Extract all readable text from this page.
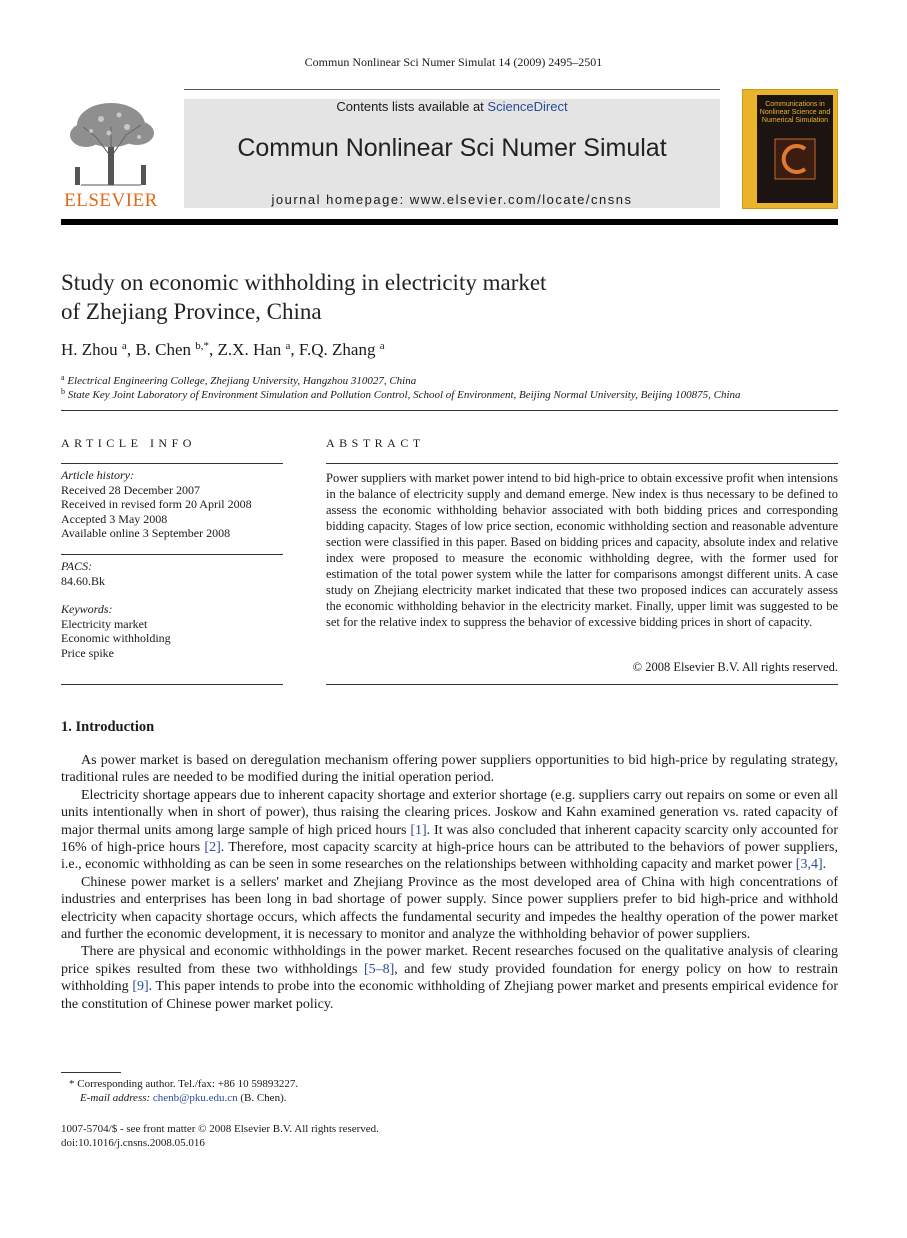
Commun Nonlinear Sci Numer Simulat 14 (2009) 2495–2501
Contents lists available at ScienceDirect
Commun Nonlinear Sci Numer Simulat
journal homepage: www.elsevier.com/locate/cnsns
ELSEVIER
Communications in Nonlinear Science and Numerical Simulation
Study on economic withholding in electricity market
of Zhejiang Province, China
H. Zhou $^a$, B. Chen $^{b,*}$, Z.X. Han $^a$, F.Q. Zhang $^a$
$^a$ Electrical Engineering College, Zhejiang University, Hangzhou 310027, China
$^b$ State Key Joint Laboratory of Environment Simulation and Pollution Control, School of Environment, Beijing Normal University, Beijing 100875, China
ARTICLE INFO
Article history:
Received 28 December 2007
Received in revised form 20 April 2008
Accepted 3 May 2008
Available online 3 September 2008
PACS:
84.60.Bk
Keywords:
Electricity market
Economic withholding
Price spike
ABSTRACT
Power suppliers with market power intend to bid high-price to obtain excessive profit when intensions in the balance of electricity supply and demand emerge. New index is thus necessary to be defined to assess the economic withholding behavior associated with both bidding prices and corresponding bidding capacity. Stages of low price section, economic withholding section and reasonable adventure section were classified in this paper. Based on bidding prices and capacity, absolute index and relative index were proposed to measure the economic withholding degree, with the former used for estimation of the total power system while the latter for comparisons amongst different units. A case study on Zhejiang electricity market indicated that these two proposed indices can accurately assess the economic withholding behavior in the electricity market. Finally, upper limit was suggested to be set for the relative index to suppress the behavior of excessive bidding prices in short of capacity.
© 2008 Elsevier B.V. All rights reserved.
1. Introduction

As power market is based on deregulation mechanism offering power suppliers opportunities to bid high-price by regulating strategy, traditional rules are needed to be modified during the initial operation period.

Electricity shortage appears due to inherent capacity shortage and exterior shortage (e.g. suppliers carry out repairs on some or even all units intentionally when in short of power), thus raising the clearing prices. Joskow and Kahn examined generation vs. rated capacity of major thermal units among large sample of high priced hours [1]. It was also concluded that inherent capacity scarcity only accounted for 16% of high-price hours [2]. Therefore, most capacity scarcity at high-price hours can be attributed to the behaviors of power suppliers, i.e., economic withholding as can be seen in some researches on the relationships between withholding capacity and market power [3,4].

Chinese power market is a sellers' market and Zhejiang Province as the most developed area of China with high concentrations of industries and enterprises has been long in bad shortage of power supply. Since power suppliers prefer to bid high-price and withhold electricity when capacity shortage occurs, which affects the fundamental security and impedes the healthy operation of the power market and further the economic development, it is necessary to monitor and analyze the withholding behavior of power suppliers.

There are physical and economic withholdings in the power market. Recent researches focused on the qualitative analysis of clearing price spikes resulted from these two withholdings [5–8], and few study provided foundation for energy policy on how to restrain withholding [9]. This paper intends to probe into the economic withholding of Zhejiang power market and presents empirical evidence for the constitution of Chinese power market policy.

* Corresponding author. Tel./fax: +86 10 59893227.
E-mail address: chenb@pku.edu.cn (B. Chen).
1007-5704/$ - see front matter © 2008 Elsevier B.V. All rights reserved.
doi:10.1016/j.cnsns.2008.05.016
